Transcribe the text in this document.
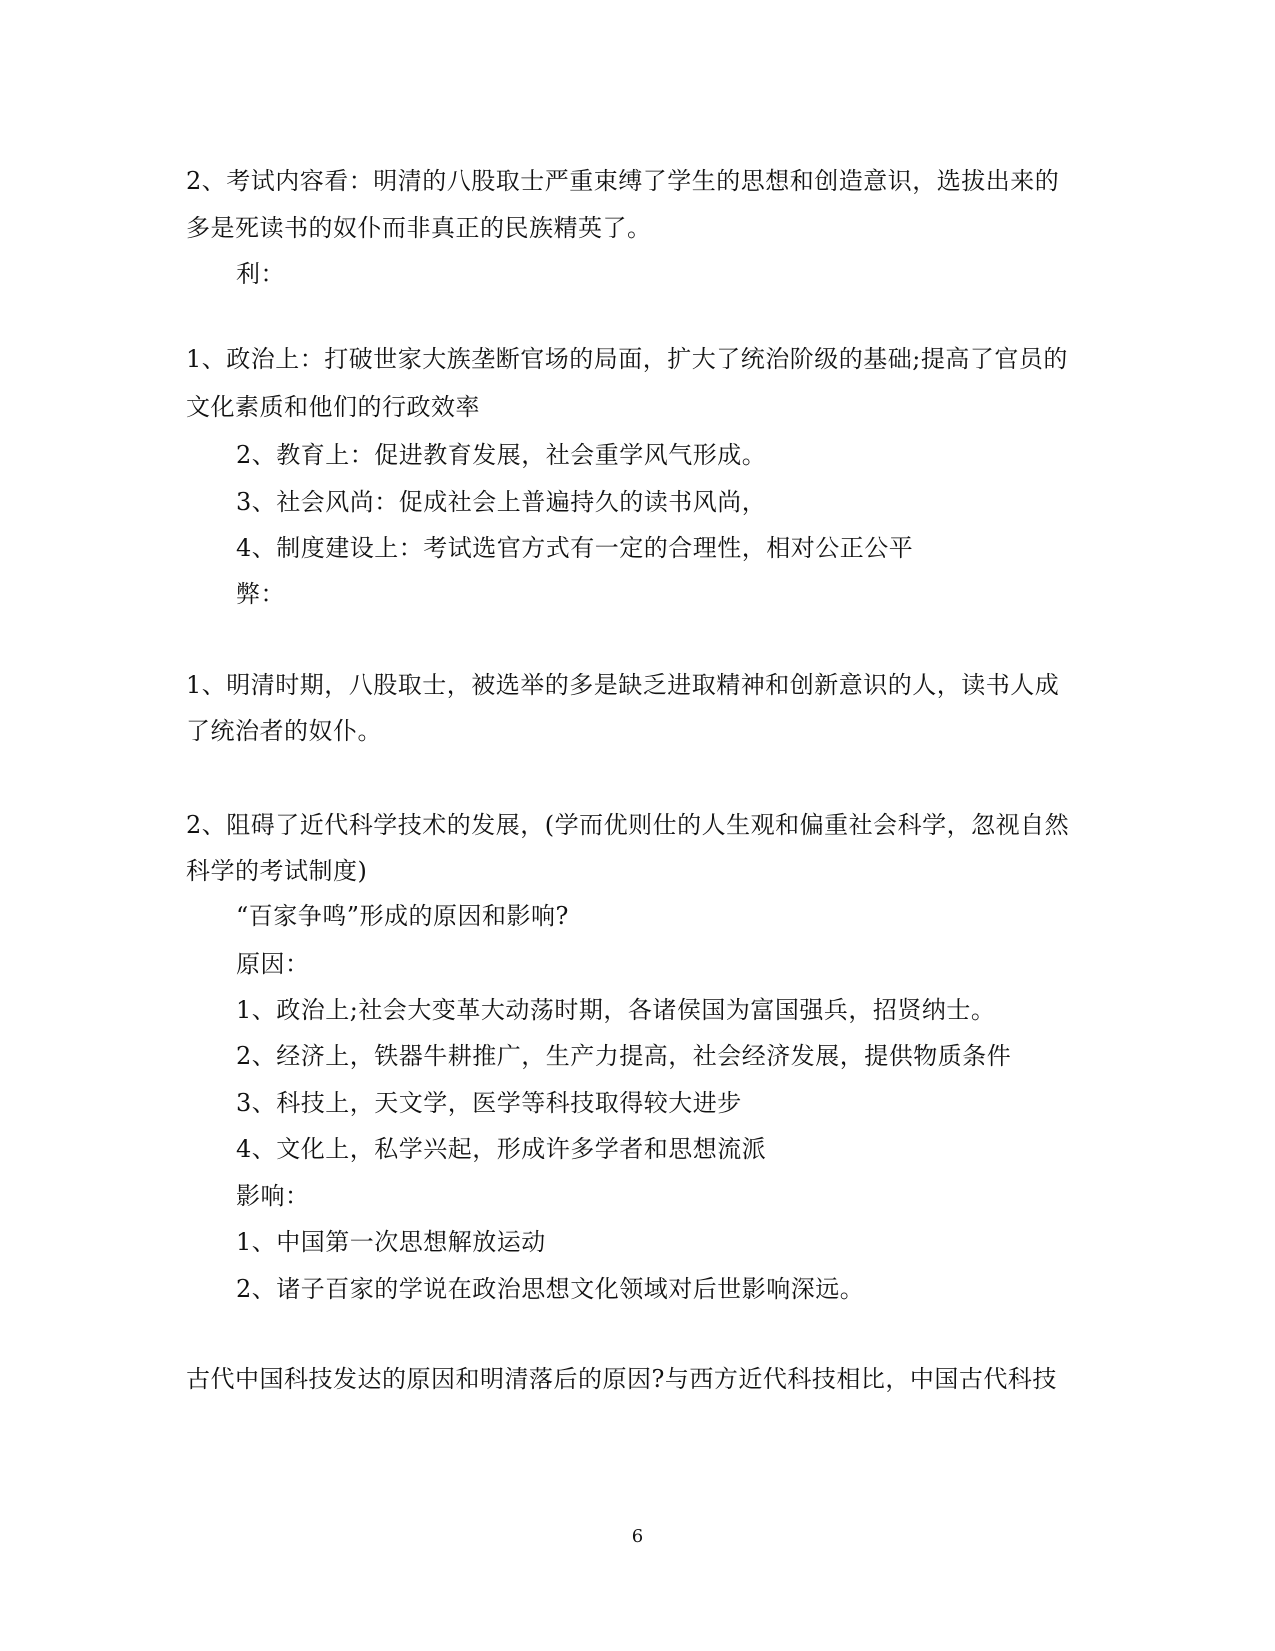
2、考试内容看：明清的八股取士严重束缚了学生的思想和创造意识，选拔出来的
多是死读书的奴仆而非真正的民族精英了。
利：
1、政治上：打破世家大族垄断官场的局面，扩大了统治阶级的基础;提高了官员的
文化素质和他们的行政效率
2、教育上：促进教育发展，社会重学风气形成。
3、社会风尚：促成社会上普遍持久的读书风尚，
4、制度建设上：考试选官方式有一定的合理性，相对公正公平
弊：
1、明清时期，八股取士，被选举的多是缺乏进取精神和创新意识的人，读书人成
了统治者的奴仆。
2、阻碍了近代科学技术的发展，(学而优则仕的人生观和偏重社会科学，忽视自然
科学的考试制度)
“百家争鸣”形成的原因和影响?
原因：
1、政治上;社会大变革大动荡时期，各诸侯国为富国强兵，招贤纳士。
2、经济上，铁器牛耕推广，生产力提高，社会经济发展，提供物质条件
3、科技上，天文学，医学等科技取得较大进步
4、文化上，私学兴起，形成许多学者和思想流派
影响：
1、中国第一次思想解放运动
2、诸子百家的学说在政治思想文化领域对后世影响深远。
古代中国科技发达的原因和明清落后的原因?与西方近代科技相比，中国古代科技
6
